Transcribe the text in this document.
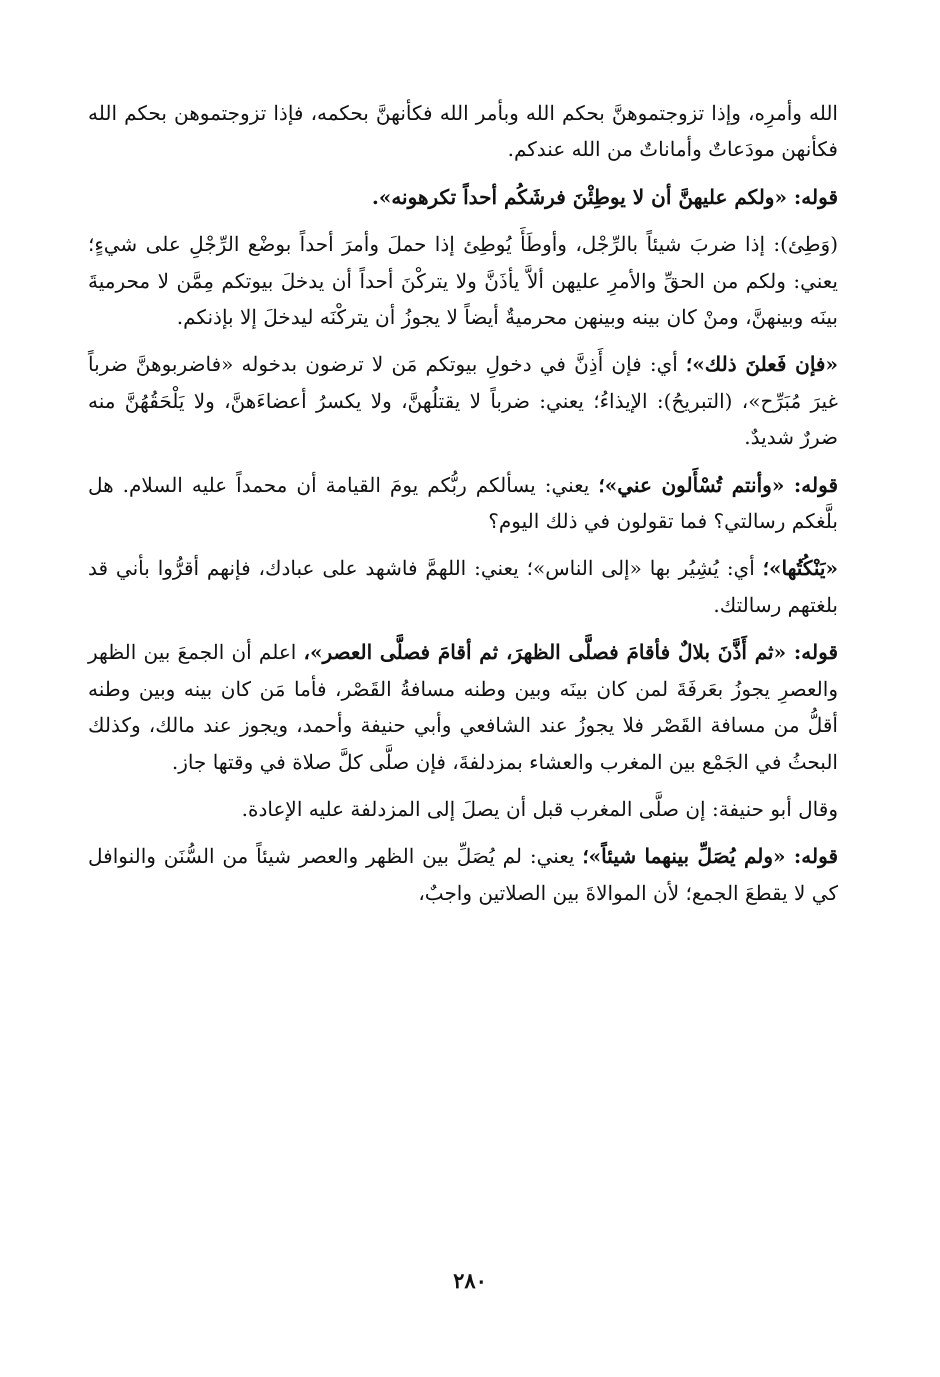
الله وأمرِه، وإذا تزوجتموهنَّ بحكم الله وبأمر الله فكأنهنَّ بحكمه، فإذا تزوجتموهن بحكم الله فكأنهن مودَعاتٌ وأماناتٌ من الله عندكم.

قوله: «ولكم عليهنَّ أن لا يوطِئْنَ فرشَكُم أحداً تكرهونه».

(وَطِئ): إذا ضربَ شيئاً بالرِّجْل، وأوطَأَ يُوطِئ إذا حملَ وأمرَ أحداً بوضْع الرِّجْلِ على شيءٍ؛ يعني: ولكم من الحقِّ والأمرِ عليهن ألاَّ يأذَنَّ ولا يتركْنَ أحداً أن يدخلَ بيوتكم مِمَّن لا محرميةَ بينَه وبينهنَّ، ومنْ كان بينه وبينهن محرميةٌ أيضاً لا يجوزُ أن يتركْنَه ليدخلَ إلا بإذنكم.

«فإن فَعلنَ ذلك»؛ أي: فإن أَذِنَّ في دخولِ بيوتكم مَن لا ترضون بدخوله «فاضربوهنَّ ضرباً غيرَ مُبَرِّح»، (التبريحُ): الإيذاءُ؛ يعني: ضرباً لا يقتلُهنَّ، ولا يكسرُ أعضاءَهنَّ، ولا يَلْحَقُهُنَّ منه ضررٌ شديدٌ.

قوله: «وأنتم تُسْأَلون عني»؛ يعني: يسألكم ربُّكم يومَ القيامة أن محمداً عليه السلام. هل بلَّغكم رسالتي؟ فما تقولون في ذلك اليوم؟

«يَنْكُتُها»؛ أي: يُشِيُر بها «إلى الناس»؛ يعني: اللهمَّ فاشهد على عبادك، فإنهم أقرُّوا بأني قد بلغتهم رسالتك.

قوله: «ثم أَذَّنَ بلالٌ فأقامَ فصلَّى الظهرَ، ثم أقامَ فصلَّى العصر»، اعلم أن الجمعَ بين الظهر والعصرِ يجوزُ بعَرفَةَ لمن كان بينَه وبين وطنه مسافةُ القَصْر، فأما مَن كان بينه وبين وطنه أقلُّ من مسافة القَصْر فلا يجوزُ عند الشافعي وأبي حنيفة وأحمد، ويجوز عند مالك، وكذلك البحثُ في الجَمْع بين المغرب والعشاء بمزدلفةَ، فإن صلَّى كلَّ صلاة في وقتها جاز.

وقال أبو حنيفة: إن صلَّى المغرب قبل أن يصلَ إلى المزدلفة عليه الإعادة.

قوله: «ولم يُصَلِّ بينهما شيئاً»؛ يعني: لم يُصَلِّ بين الظهر والعصر شيئاً من السُّنَن والنوافل كي لا يقطعَ الجمع؛ لأن الموالاةَ بين الصلاتين واجبٌ،

٢٨٠
